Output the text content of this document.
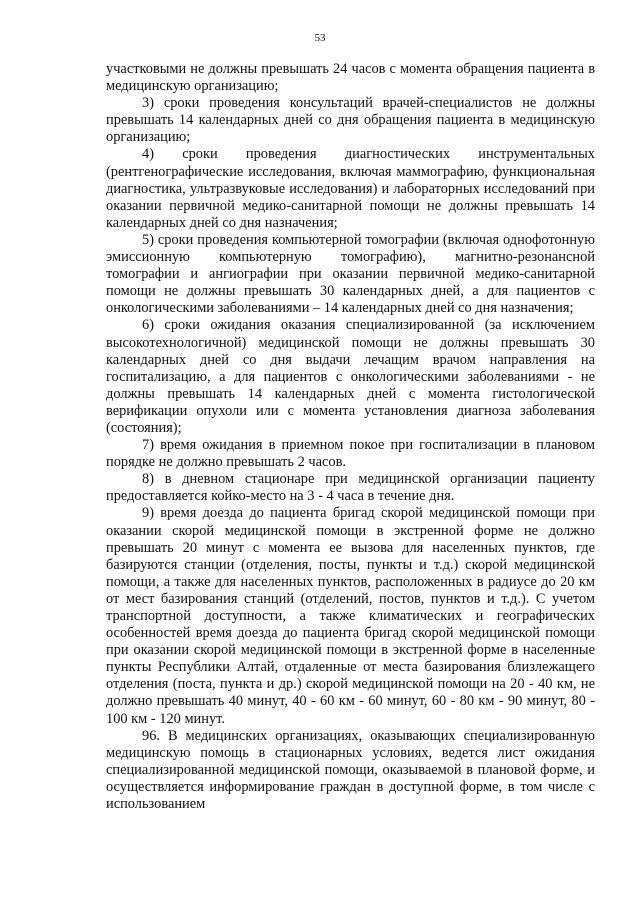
53

участковыми не должны превышать 24 часов с момента обращения пациента в медицинскую организацию;

3) сроки проведения консультаций врачей-специалистов не должны превышать 14 календарных дней со дня обращения пациента в медицинскую организацию;

4) сроки проведения диагностических инструментальных (рентгенографические исследования, включая маммографию, функциональная диагностика, ультразвуковые исследования) и лабораторных исследований при оказании первичной медико-санитарной помощи не должны превышать 14 календарных дней со дня назначения;

5) сроки проведения компьютерной томографии (включая однофотонную эмиссионную компьютерную томографию), магнитно-резонансной томографии и ангиографии при оказании первичной медико-санитарной помощи не должны превышать 30 календарных дней, а для пациентов с онкологическими заболеваниями – 14 календарных дней со дня назначения;

6) сроки ожидания оказания специализированной (за исключением высокотехнологичной) медицинской помощи не должны превышать 30 календарных дней со дня выдачи лечащим врачом направления на госпитализацию, а для пациентов с онкологическими заболеваниями - не должны превышать 14 календарных дней с момента гистологической верификации опухоли или с момента установления диагноза заболевания (состояния);

7) время ожидания в приемном покое при госпитализации в плановом порядке не должно превышать 2 часов.

8) в дневном стационаре при медицинской организации пациенту предоставляется койко-место на 3 - 4 часа в течение дня.

9) время доезда до пациента бригад скорой медицинской помощи при оказании скорой медицинской помощи в экстренной форме не должно превышать 20 минут с момента ее вызова для населенных пунктов, где базируются станции (отделения, посты, пункты и т.д.) скорой медицинской помощи, а также для населенных пунктов, расположенных в радиусе до 20 км от мест базирования станций (отделений, постов, пунктов и т.д.). С учетом транспортной доступности, а также климатических и географических особенностей время доезда до пациента бригад скорой медицинской помощи при оказании скорой медицинской помощи в экстренной форме в населенные пункты Республики Алтай, отдаленные от места базирования близлежащего отделения (поста, пункта и др.) скорой медицинской помощи на 20 - 40 км, не должно превышать 40 минут, 40 - 60 км - 60 минут, 60 - 80 км - 90 минут, 80 - 100 км - 120 минут.

96. В медицинских организациях, оказывающих специализированную медицинскую помощь в стационарных условиях, ведется лист ожидания специализированной медицинской помощи, оказываемой в плановой форме, и осуществляется информирование граждан в доступной форме, в том числе с использованием
